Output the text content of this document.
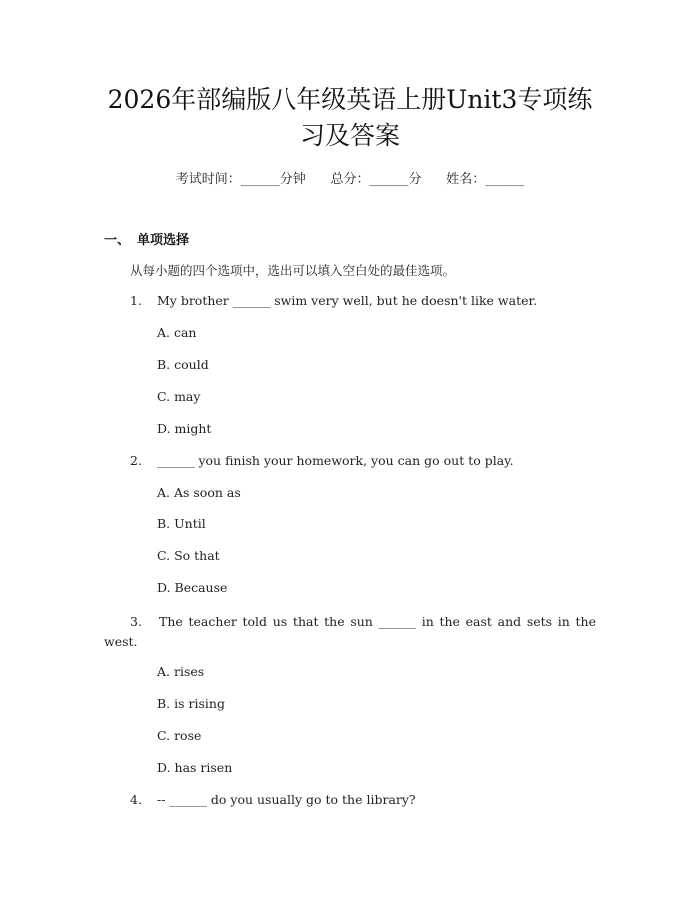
2026年部编版八年级英语上册Unit3专项练
习及答案
考试时间：______分钟      总分：______分      姓名：______
一、 单项选择
从每小题的四个选项中，选出可以填入空白处的最佳选项。
1. My brother ______ swim very well, but he doesn't like water.
A. can
B. could
C. may
D. might
2. ______ you finish your homework, you can go out to play.
A. As soon as
B. Until
C. So that
D. Because
3. The teacher told us that the sun ______ in the east and sets in the west.
A. rises
B. is rising
C. rose
D. has risen
4. -- ______ do you usually go to the library?
